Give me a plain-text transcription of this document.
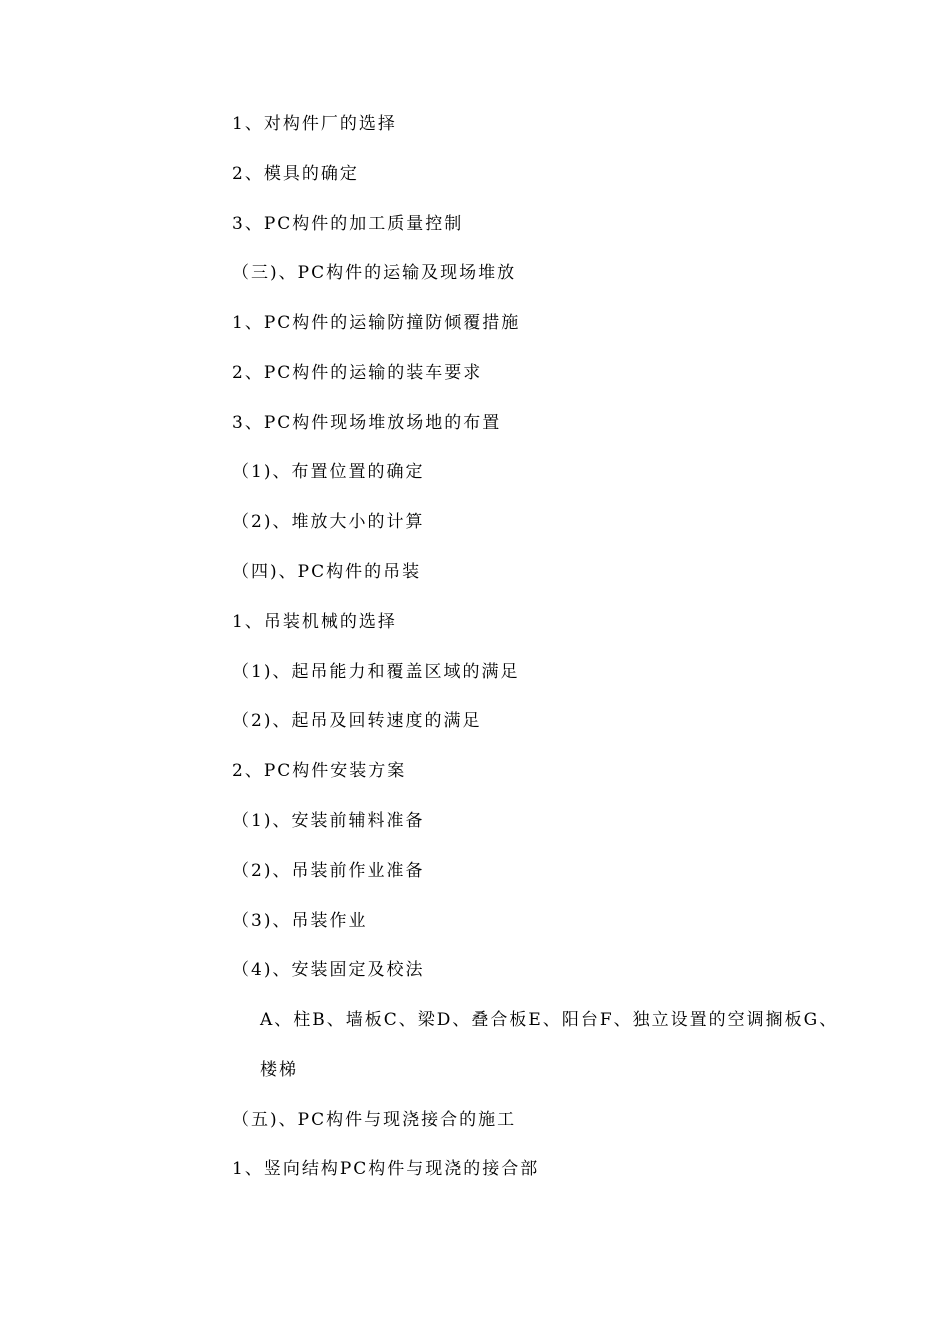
1、对构件厂的选择
2、模具的确定
3、PC构件的加工质量控制
（三)、PC构件的运输及现场堆放
1、PC构件的运输防撞防倾覆措施
2、PC构件的运输的装车要求
3、PC构件现场堆放场地的布置
（1)、布置位置的确定
（2)、堆放大小的计算
（四)、PC构件的吊装
1、吊装机械的选择
（1)、起吊能力和覆盖区域的满足
（2)、起吊及回转速度的满足
2、PC构件安装方案
（1)、安装前辅料准备
（2)、吊装前作业准备
（3)、吊装作业
（4)、安装固定及校法
A、柱B、墙板C、梁D、叠合板E、阳台F、独立设置的空调搁板G、
楼梯
（五)、PC构件与现浇接合的施工
1、竖向结构PC构件与现浇的接合部
